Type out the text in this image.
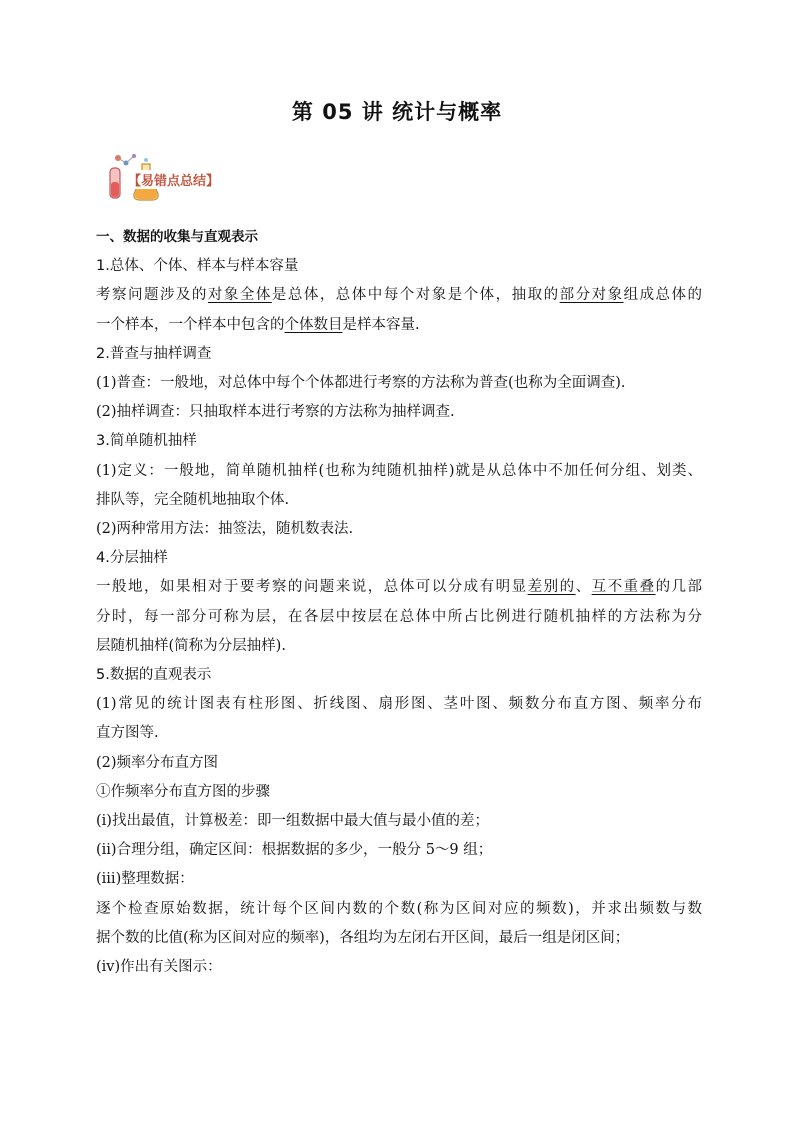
第 05 讲 统计与概率
【易错点总结】
一、数据的收集与直观表示
1.总体、个体、样本与样本容量
考察问题涉及的对象全体是总体，总体中每个对象是个体，抽取的部分对象组成总体的
一个样本，一个样本中包含的个体数目是样本容量.
2.普查与抽样调查
(1)普查：一般地，对总体中每个个体都进行考察的方法称为普查(也称为全面调查).
(2)抽样调查：只抽取样本进行考察的方法称为抽样调查.
3.简单随机抽样
(1)定义：一般地，简单随机抽样(也称为纯随机抽样)就是从总体中不加任何分组、划类、
排队等，完全随机地抽取个体.
(2)两种常用方法：抽签法，随机数表法.
4.分层抽样
一般地，如果相对于要考察的问题来说，总体可以分成有明显差别的、互不重叠的几部
分时，每一部分可称为层，在各层中按层在总体中所占比例进行随机抽样的方法称为分
层随机抽样(简称为分层抽样).
5.数据的直观表示
(1)常见的统计图表有柱形图、折线图、扇形图、茎叶图、频数分布直方图、频率分布
直方图等.
(2)频率分布直方图
①作频率分布直方图的步骤
(ⅰ)找出最值，计算极差：即一组数据中最大值与最小值的差；
(ⅱ)合理分组，确定区间：根据数据的多少，一般分 5～9 组；
(iii)整理数据：
逐个检查原始数据，统计每个区间内数的个数(称为区间对应的频数)，并求出频数与数
据个数的比值(称为区间对应的频率)，各组均为左闭右开区间，最后一组是闭区间；
(iv)作出有关图示：
